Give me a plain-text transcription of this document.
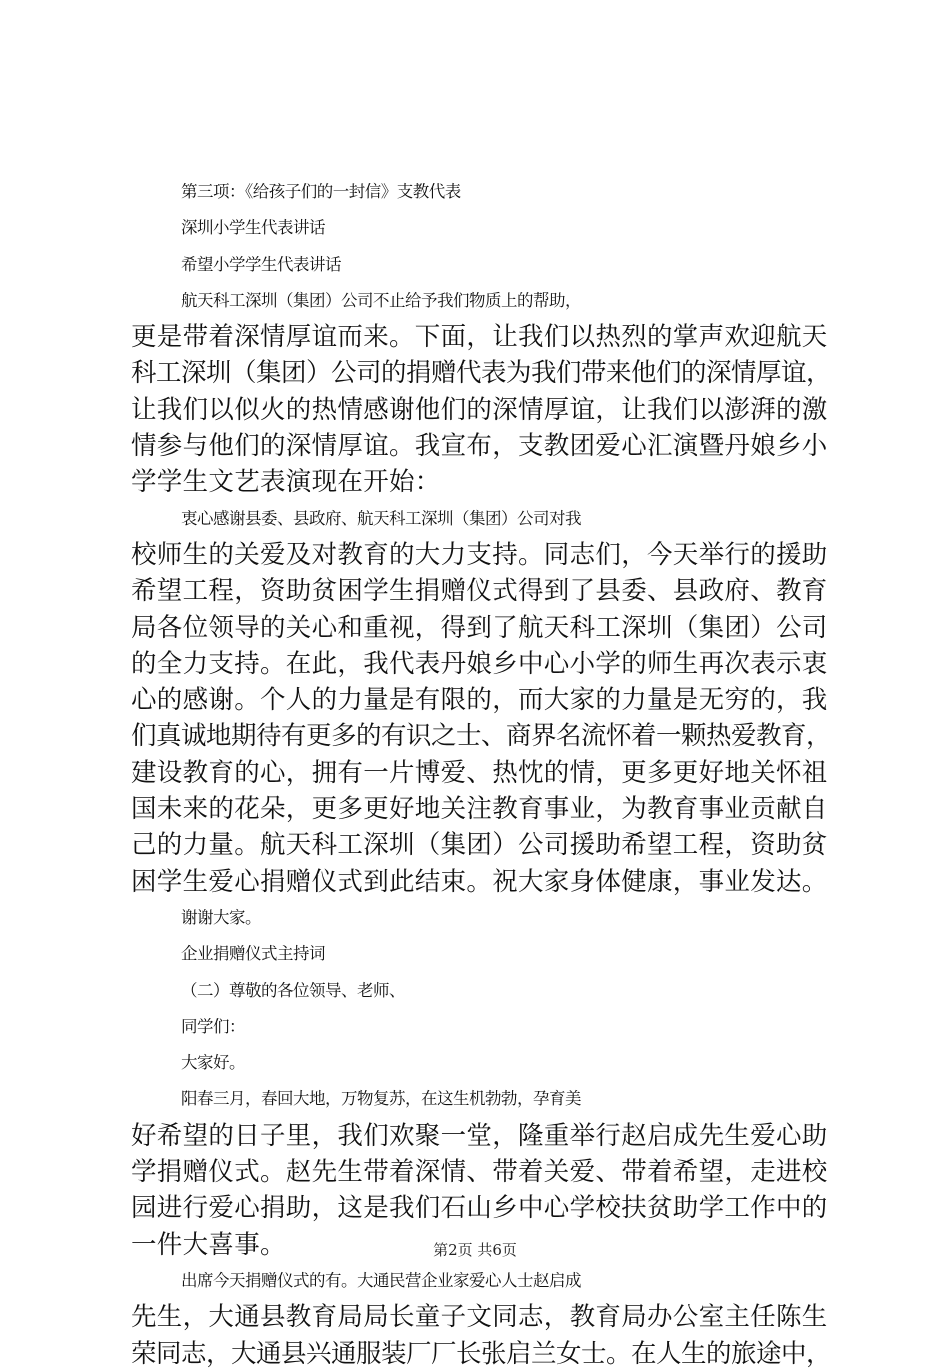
第三项：《给孩子们的一封信》支教代表
深圳小学生代表讲话
希望小学学生代表讲话
航天科工深圳（集团）公司不止给予我们物质上的帮助，
更是带着深情厚谊而来。下面，让我们以热烈的掌声欢迎航天
科工深圳（集团）公司的捐赠代表为我们带来他们的深情厚谊，
让我们以似火的热情感谢他们的深情厚谊，让我们以澎湃的激
情参与他们的深情厚谊。我宣布，支教团爱心汇演暨丹娘乡小
学学生文艺表演现在开始：
衷心感谢县委、县政府、航天科工深圳（集团）公司对我
校师生的关爱及对教育的大力支持。同志们，今天举行的援助
希望工程，资助贫困学生捐赠仪式得到了县委、县政府、教育
局各位领导的关心和重视，得到了航天科工深圳（集团）公司
的全力支持。在此，我代表丹娘乡中心小学的师生再次表示衷
心的感谢。个人的力量是有限的，而大家的力量是无穷的，我
们真诚地期待有更多的有识之士、商界名流怀着一颗热爱教育，
建设教育的心，拥有一片博爱、热忱的情，更多更好地关怀祖
国未来的花朵，更多更好地关注教育事业，为教育事业贡献自
己的力量。航天科工深圳（集团）公司援助希望工程，资助贫
困学生爱心捐赠仪式到此结束。祝大家身体健康，事业发达。
谢谢大家。
企业捐赠仪式主持词
（二）尊敬的各位领导、老师、
同学们：
大家好。
阳春三月，春回大地，万物复苏，在这生机勃勃，孕育美
好希望的日子里，我们欢聚一堂，隆重举行赵启成先生爱心助
学捐赠仪式。赵先生带着深情、带着关爱、带着希望，走进校
园进行爱心捐助，这是我们石山乡中心学校扶贫助学工作中的
一件大喜事。
出席今天捐赠仪式的有。大通民营企业家爱心人士赵启成
先生，大通县教育局局长童子文同志，教育局办公室主任陈生
荣同志，大通县兴通服装厂厂长张启兰女士。在人生的旅途中，
第2页 共6页
